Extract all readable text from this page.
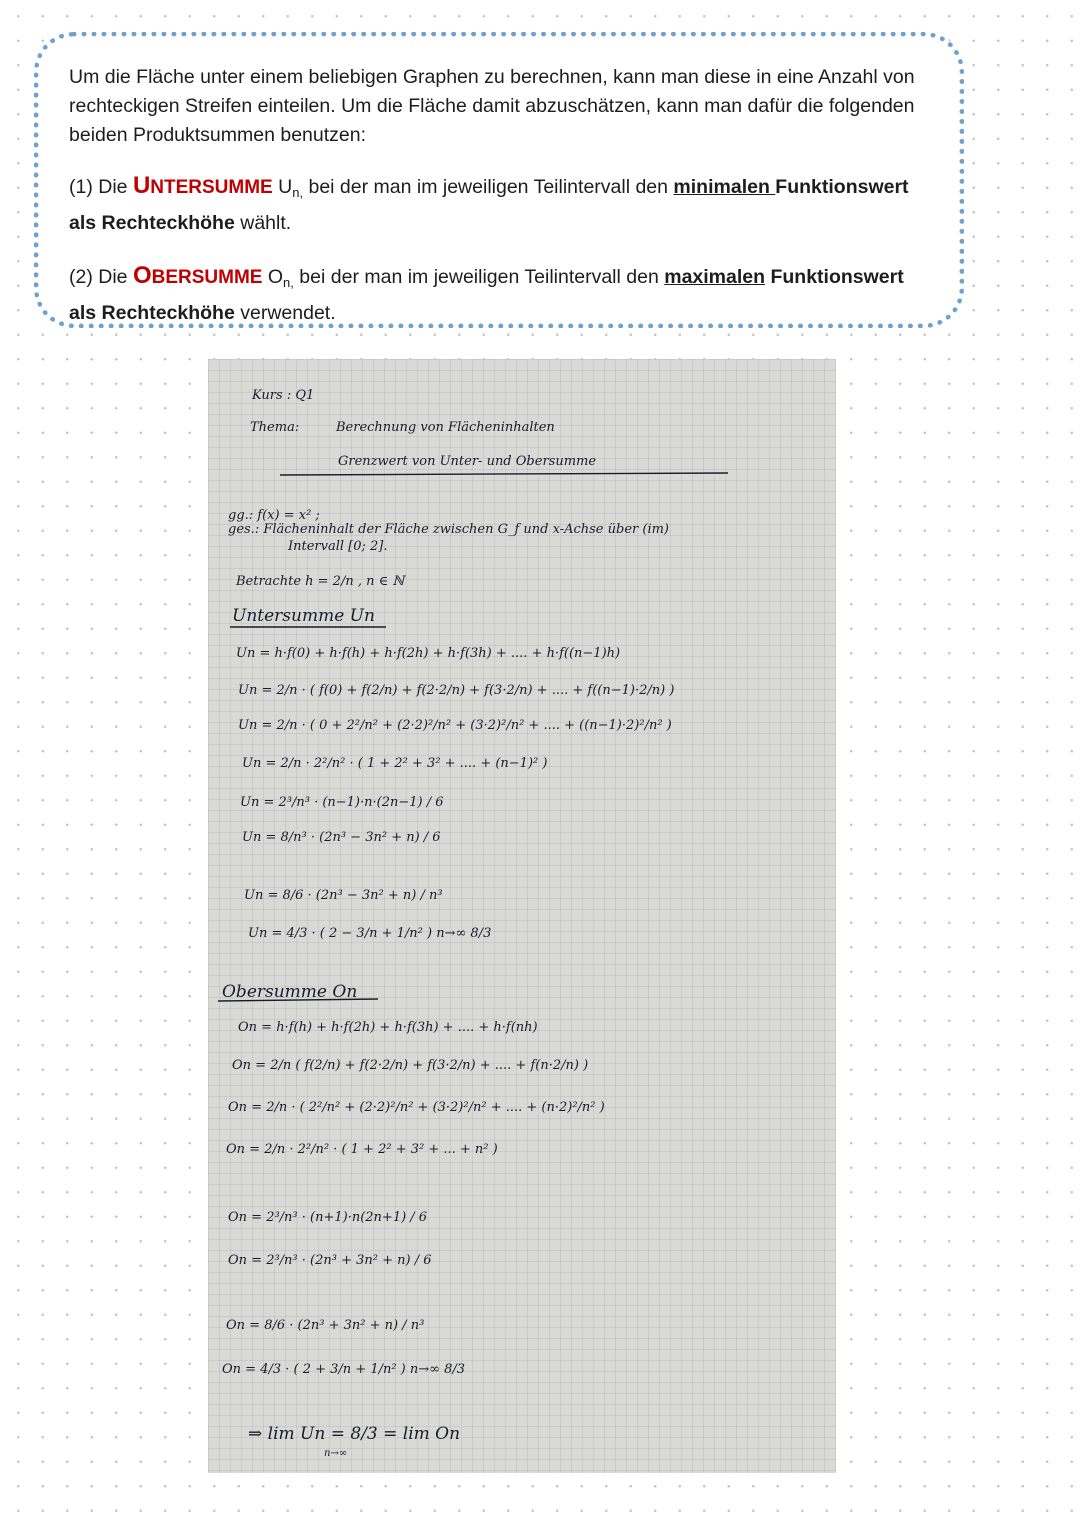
Um die Fläche unter einem beliebigen Graphen zu berechnen, kann man diese in eine Anzahl von rechteckigen Streifen einteilen. Um die Fläche damit abzuschätzen, kann man dafür die folgenden beiden Produktsummen benutzen:

(1) Die UNTERSUMME $U_{n,}$ bei der man im jeweiligen Teilintervall den minimalen Funktionswert als Rechteckhöhe wählt.

(2) Die OBERSUMME $O_{n,}$ bei der man im jeweiligen Teilintervall den maximalen Funktionswert als Rechteckhöhe verwendet.

Kurs : Q1
Thema:	Berechnung von Flächeninhalten
Grenzwert von Unter- und Obersumme
gg.: f(x) = x² ;
ges.: Flächeninhalt der Fläche zwischen G_f und x-Achse über (im)
Intervall [0; 2].
Betrachte h = 2/n , n ∈ ℕ
Untersumme Un
Un = h·f(0) + h·f(h) + h·f(2h) + h·f(3h) + .... + h·f((n−1)h)
Un = 2/n · ( f(0) + f(2/n) + f(2·2/n) + f(3·2/n) + .... + f((n−1)·2/n) )
Un = 2/n · ( 0 + 2²/n² + (2·2)²/n² + (3·2)²/n² + .... + ((n−1)·2)²/n² )
Un = 2/n · 2²/n² · ( 1 + 2² + 3² + .... + (n−1)² )
Un = 2³/n³ · (n−1)·n·(2n−1) / 6
Un = 8/n³ · (2n³ − 3n² + n) / 6
Un = 8/6 · (2n³ − 3n² + n) / n³
Un = 4/3 · ( 2 − 3/n + 1/n² ) n→∞ 8/3
Obersumme On
On = h·f(h) + h·f(2h) + h·f(3h) + .... + h·f(nh)
On = 2/n ( f(2/n) + f(2·2/n) + f(3·2/n) + .... + f(n·2/n) )
On = 2/n · ( 2²/n² + (2·2)²/n² + (3·2)²/n² + .... + (n·2)²/n² )
On = 2/n · 2²/n² · ( 1 + 2² + 3² + ... + n² )
On = 2³/n³ · (n+1)·n(2n+1) / 6
On = 2³/n³ · (2n³ + 3n² + n) / 6
On = 8/6 · (2n³ + 3n² + n) / n³
On = 4/3 · ( 2 + 3/n + 1/n² ) n→∞ 8/3
⇒ lim Un = 8/3 = lim On
n→∞
